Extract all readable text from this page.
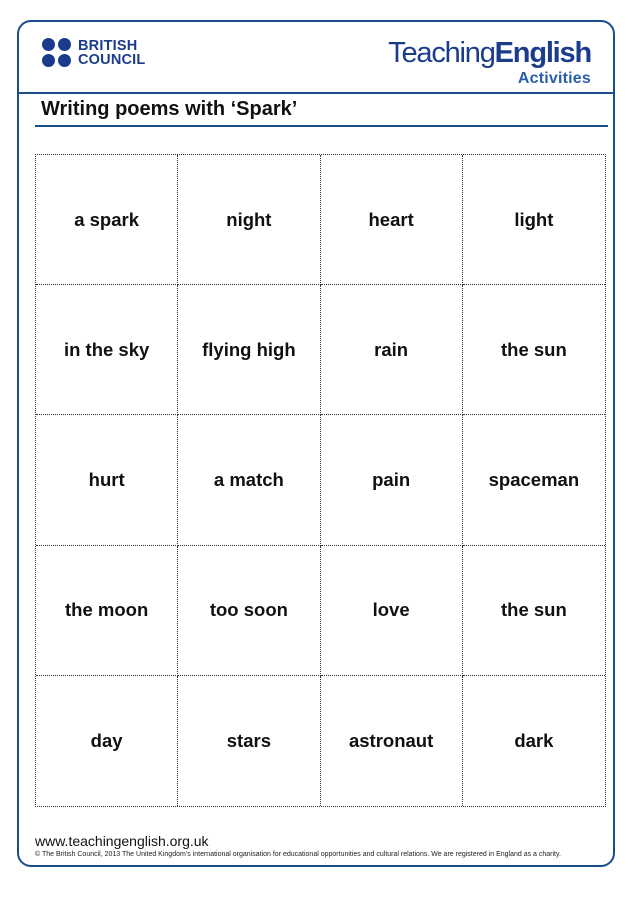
BRITISH
COUNCIL	TeachingEnglish
Activities
Writing poems with ‘Spark’
a spark	night	heart	light
in the sky	flying high	rain	the sun
hurt	a match	pain	spaceman
the moon	too soon	love	the sun
day	stars	astronaut	dark
www.teachingenglish.org.uk
© The British Council, 2013 The United Kingdom’s international organisation for educational opportunities and cultural relations. We are registered in England as a charity.
